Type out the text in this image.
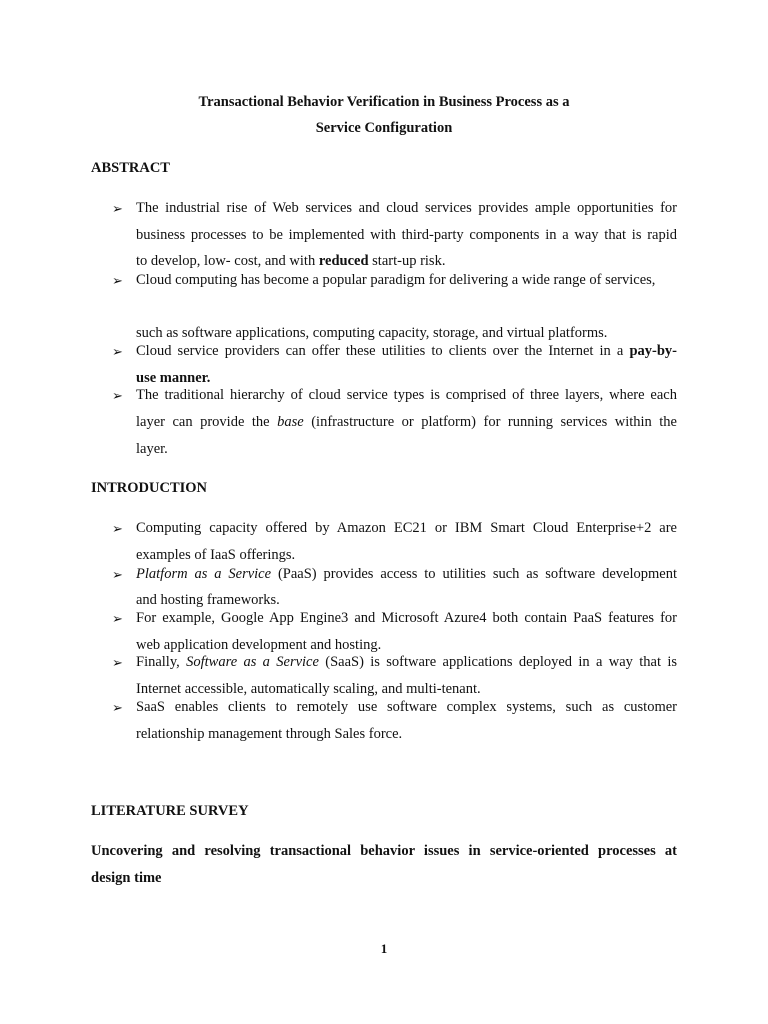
Transactional Behavior Verification in Business Process as a
Service Configuration
ABSTRACT
➢ The industrial rise of Web services and cloud services provides ample opportunities for
business processes to be implemented with third-party components in a way that is rapid
to develop, low- cost, and with reduced start-up risk.
➢ Cloud computing has become a popular paradigm for delivering a wide range of services,
such as software applications, computing capacity, storage, and virtual platforms.
➢ Cloud service providers can offer these utilities to clients over the Internet in a pay-by-
use manner.
➢ The traditional hierarchy of cloud service types is comprised of three layers, where each
layer can provide the base (infrastructure or platform) for running services within the
layer.
INTRODUCTION
➢ Computing capacity offered by Amazon EC21 or IBM Smart Cloud Enterprise+2 are
examples of IaaS offerings.
➢ Platform as a Service (PaaS) provides access to utilities such as software development
and hosting frameworks.
➢ For example, Google App Engine3 and Microsoft Azure4 both contain PaaS features for
web application development and hosting.
➢ Finally, Software as a Service (SaaS) is software applications deployed in a way that is
Internet accessible, automatically scaling, and multi-tenant.
➢ SaaS enables clients to remotely use software complex systems, such as customer
relationship management through Sales force.
LITERATURE SURVEY
Uncovering and resolving transactional behavior issues in service-oriented processes at
design time
1
